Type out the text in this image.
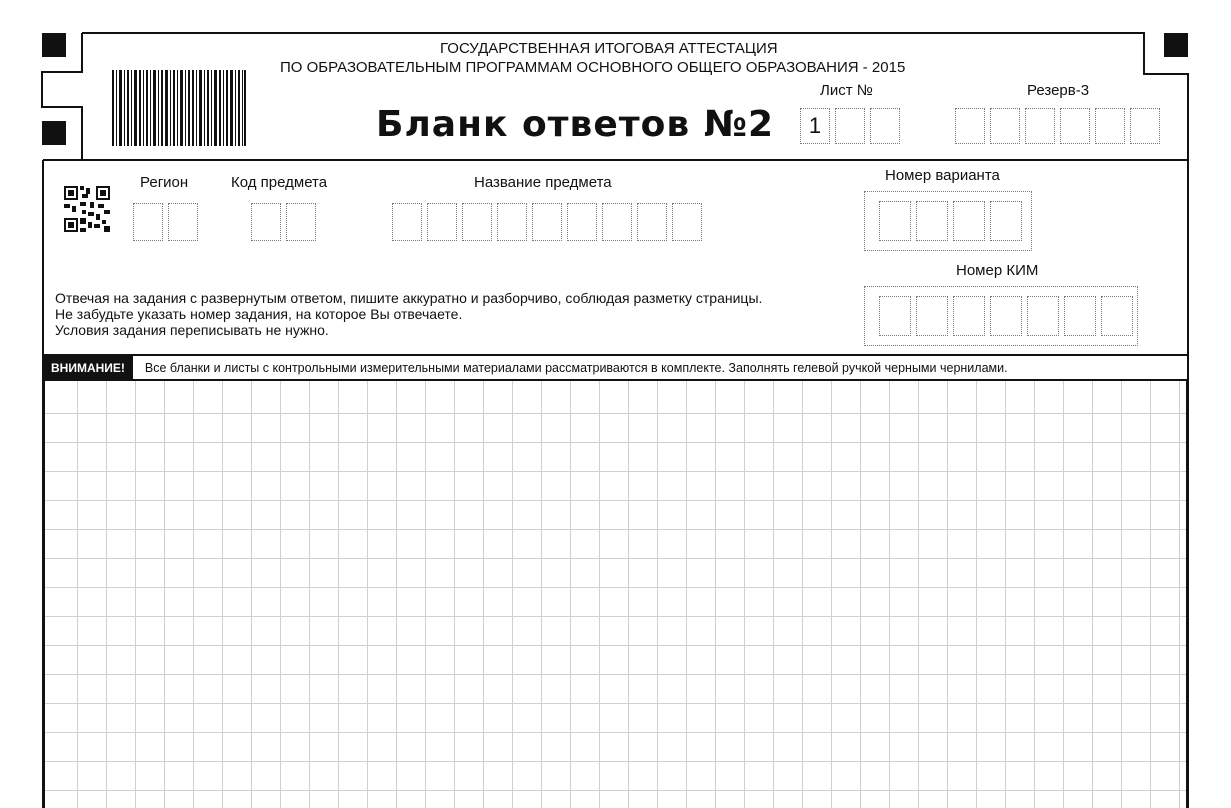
ГОСУДАРСТВЕННАЯ ИТОГОВАЯ АТТЕСТАЦИЯ
ПО ОБРАЗОВАТЕЛЬНЫМ ПРОГРАММАМ ОСНОВНОГО ОБЩЕГО ОБРАЗОВАНИЯ - 2015
Бланк ответов №2
Лист №
1
Резерв-3
Регион	Код предмета	Название предмета	Номер варианта
Номер КИМ
Отвечая на задания с развернутым ответом, пишите аккуратно и разборчиво, соблюдая разметку страницы.
Не забудьте указать номер задания, на которое Вы отвечаете.
Условия задания переписывать не нужно.
ВНИМАНИЕ!	Все бланки и листы с контрольными измерительными материалами рассматриваются в комплекте. Заполнять гелевой ручкой черными чернилами.
